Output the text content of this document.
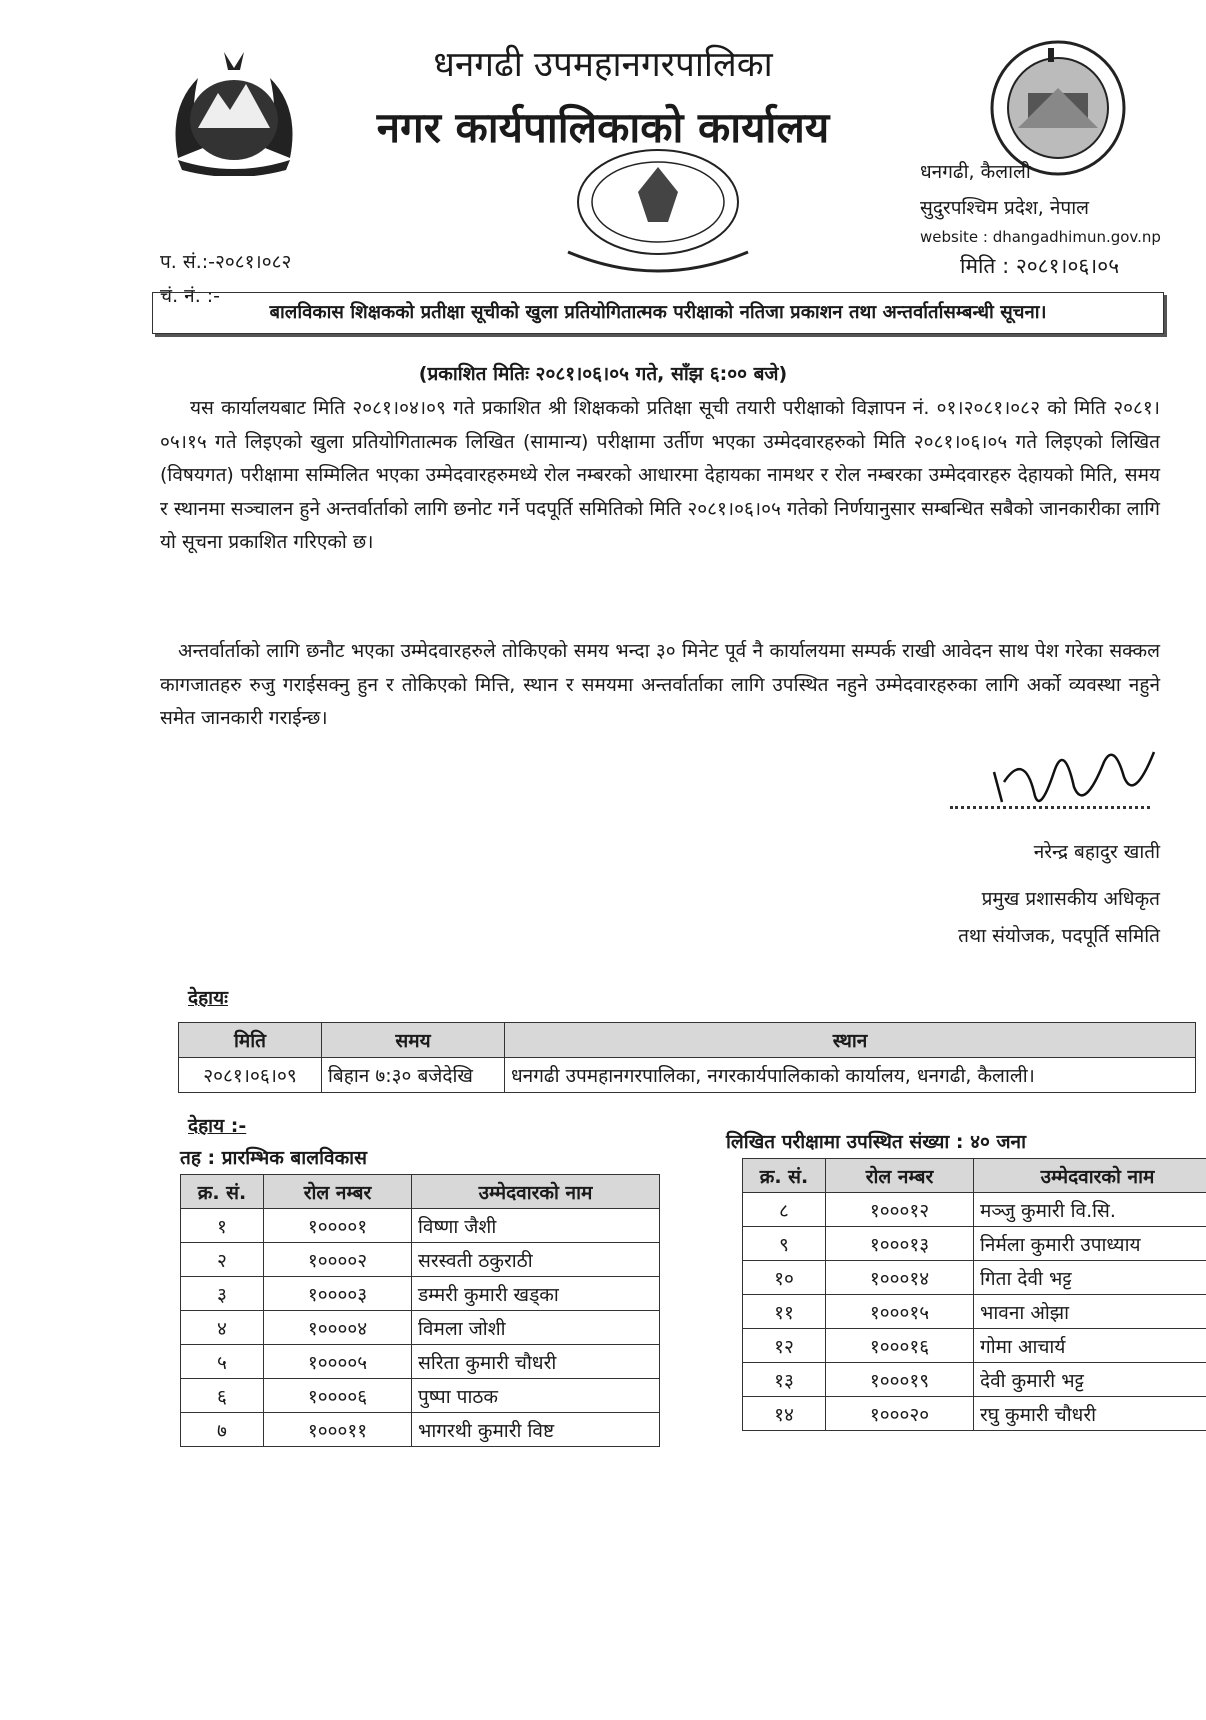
धनगढी उपमहानगरपालिका
नगर कार्यपालिकाको कार्यालय
धनगढी, कैलाली
सुदुरपश्चिम प्रदेश, नेपाल
website : dhangadhimun.gov.np
प. सं.:-२०८१।०८२
चं. नं. :-
मिति : २०८१।०६।०५
बालविकास शिक्षकको प्रतीक्षा सूचीको खुला प्रतियोगितात्मक परीक्षाको नतिजा प्रकाशन तथा अन्तर्वार्तासम्बन्धी सूचना।
(प्रकाशित मितिः २०८१।०६।०५ गते, साँझ ६:०० बजे)
यस कार्यालयबाट मिति २०८१।०४।०९ गते प्रकाशित श्री शिक्षकको प्रतिक्षा सूची तयारी परीक्षाको विज्ञापन नं. ०१।२०८१।०८२ को मिति २०८१।०५।१५ गते लिइएको खुला प्रतियोगितात्मक लिखित (सामान्य) परीक्षामा उर्तीण भएका उम्मेदवारहरुको मिति २०८१।०६।०५ गते लिइएको लिखित (विषयगत) परीक्षामा सम्मिलित भएका उम्मेदवारहरुमध्ये रोल नम्बरको आधारमा देहायका नामथर र रोल नम्बरका उम्मेदवारहरु देहायको मिति, समय र स्थानमा सञ्चालन हुने अन्तर्वार्ताको लागि छनोट गर्ने पदपूर्ति समितिको मिति २०८१।०६।०५ गतेको निर्णयानुसार सम्बन्धित सबैको जानकारीका लागि यो सूचना प्रकाशित गरिएको छ।
अन्तर्वार्ताको लागि छनौट भएका उम्मेदवारहरुले तोकिएको समय भन्दा ३० मिनेट पूर्व नै कार्यालयमा सम्पर्क राखी आवेदन साथ पेश गरेका सक्कल कागजातहरु रुजु गराईसक्नु हुन र तोकिएको मित्ति, स्थान र समयमा अन्तर्वार्ताका लागि उपस्थित नहुने उम्मेदवारहरुका लागि अर्को व्यवस्था नहुने समेत जानकारी गराईन्छ।
नरेन्द्र बहादुर खाती
प्रमुख प्रशासकीय अधिकृत
तथा संयोजक, पदपूर्ति समिति
देहायः
मिति	समय	स्थान
२०८१।०६।०९	बिहान ७:३० बजेदेखि	धनगढी उपमहानगरपालिका, नगरकार्यपालिकाको कार्यालय, धनगढी, कैलाली।
देहाय :-
तह : प्रारम्भिक बालविकास
लिखित परीक्षामा उपस्थित संख्या : ४० जना
क्र. सं.	रोल नम्बर	उम्मेदवारको नाम
१	१००००१	विष्णा जैशी
२	१००००२	सरस्वती ठकुराठी
३	१००००३	डम्मरी कुमारी खड्का
४	१००००४	विमला जोशी
५	१००००५	सरिता कुमारी चौधरी
६	१००००६	पुष्पा पाठक
७	१०००११	भागरथी कुमारी विष्ट
क्र. सं.	रोल नम्बर	उम्मेदवारको नाम
८	१०००१२	मञ्जु कुमारी वि.सि.
९	१०००१३	निर्मला कुमारी उपाध्याय
१०	१०००१४	गिता देवी भट्ट
११	१०००१५	भावना ओझा
१२	१०००१६	गोमा आचार्य
१३	१०००१९	देवी कुमारी भट्ट
१४	१०००२०	रघु कुमारी चौधरी
